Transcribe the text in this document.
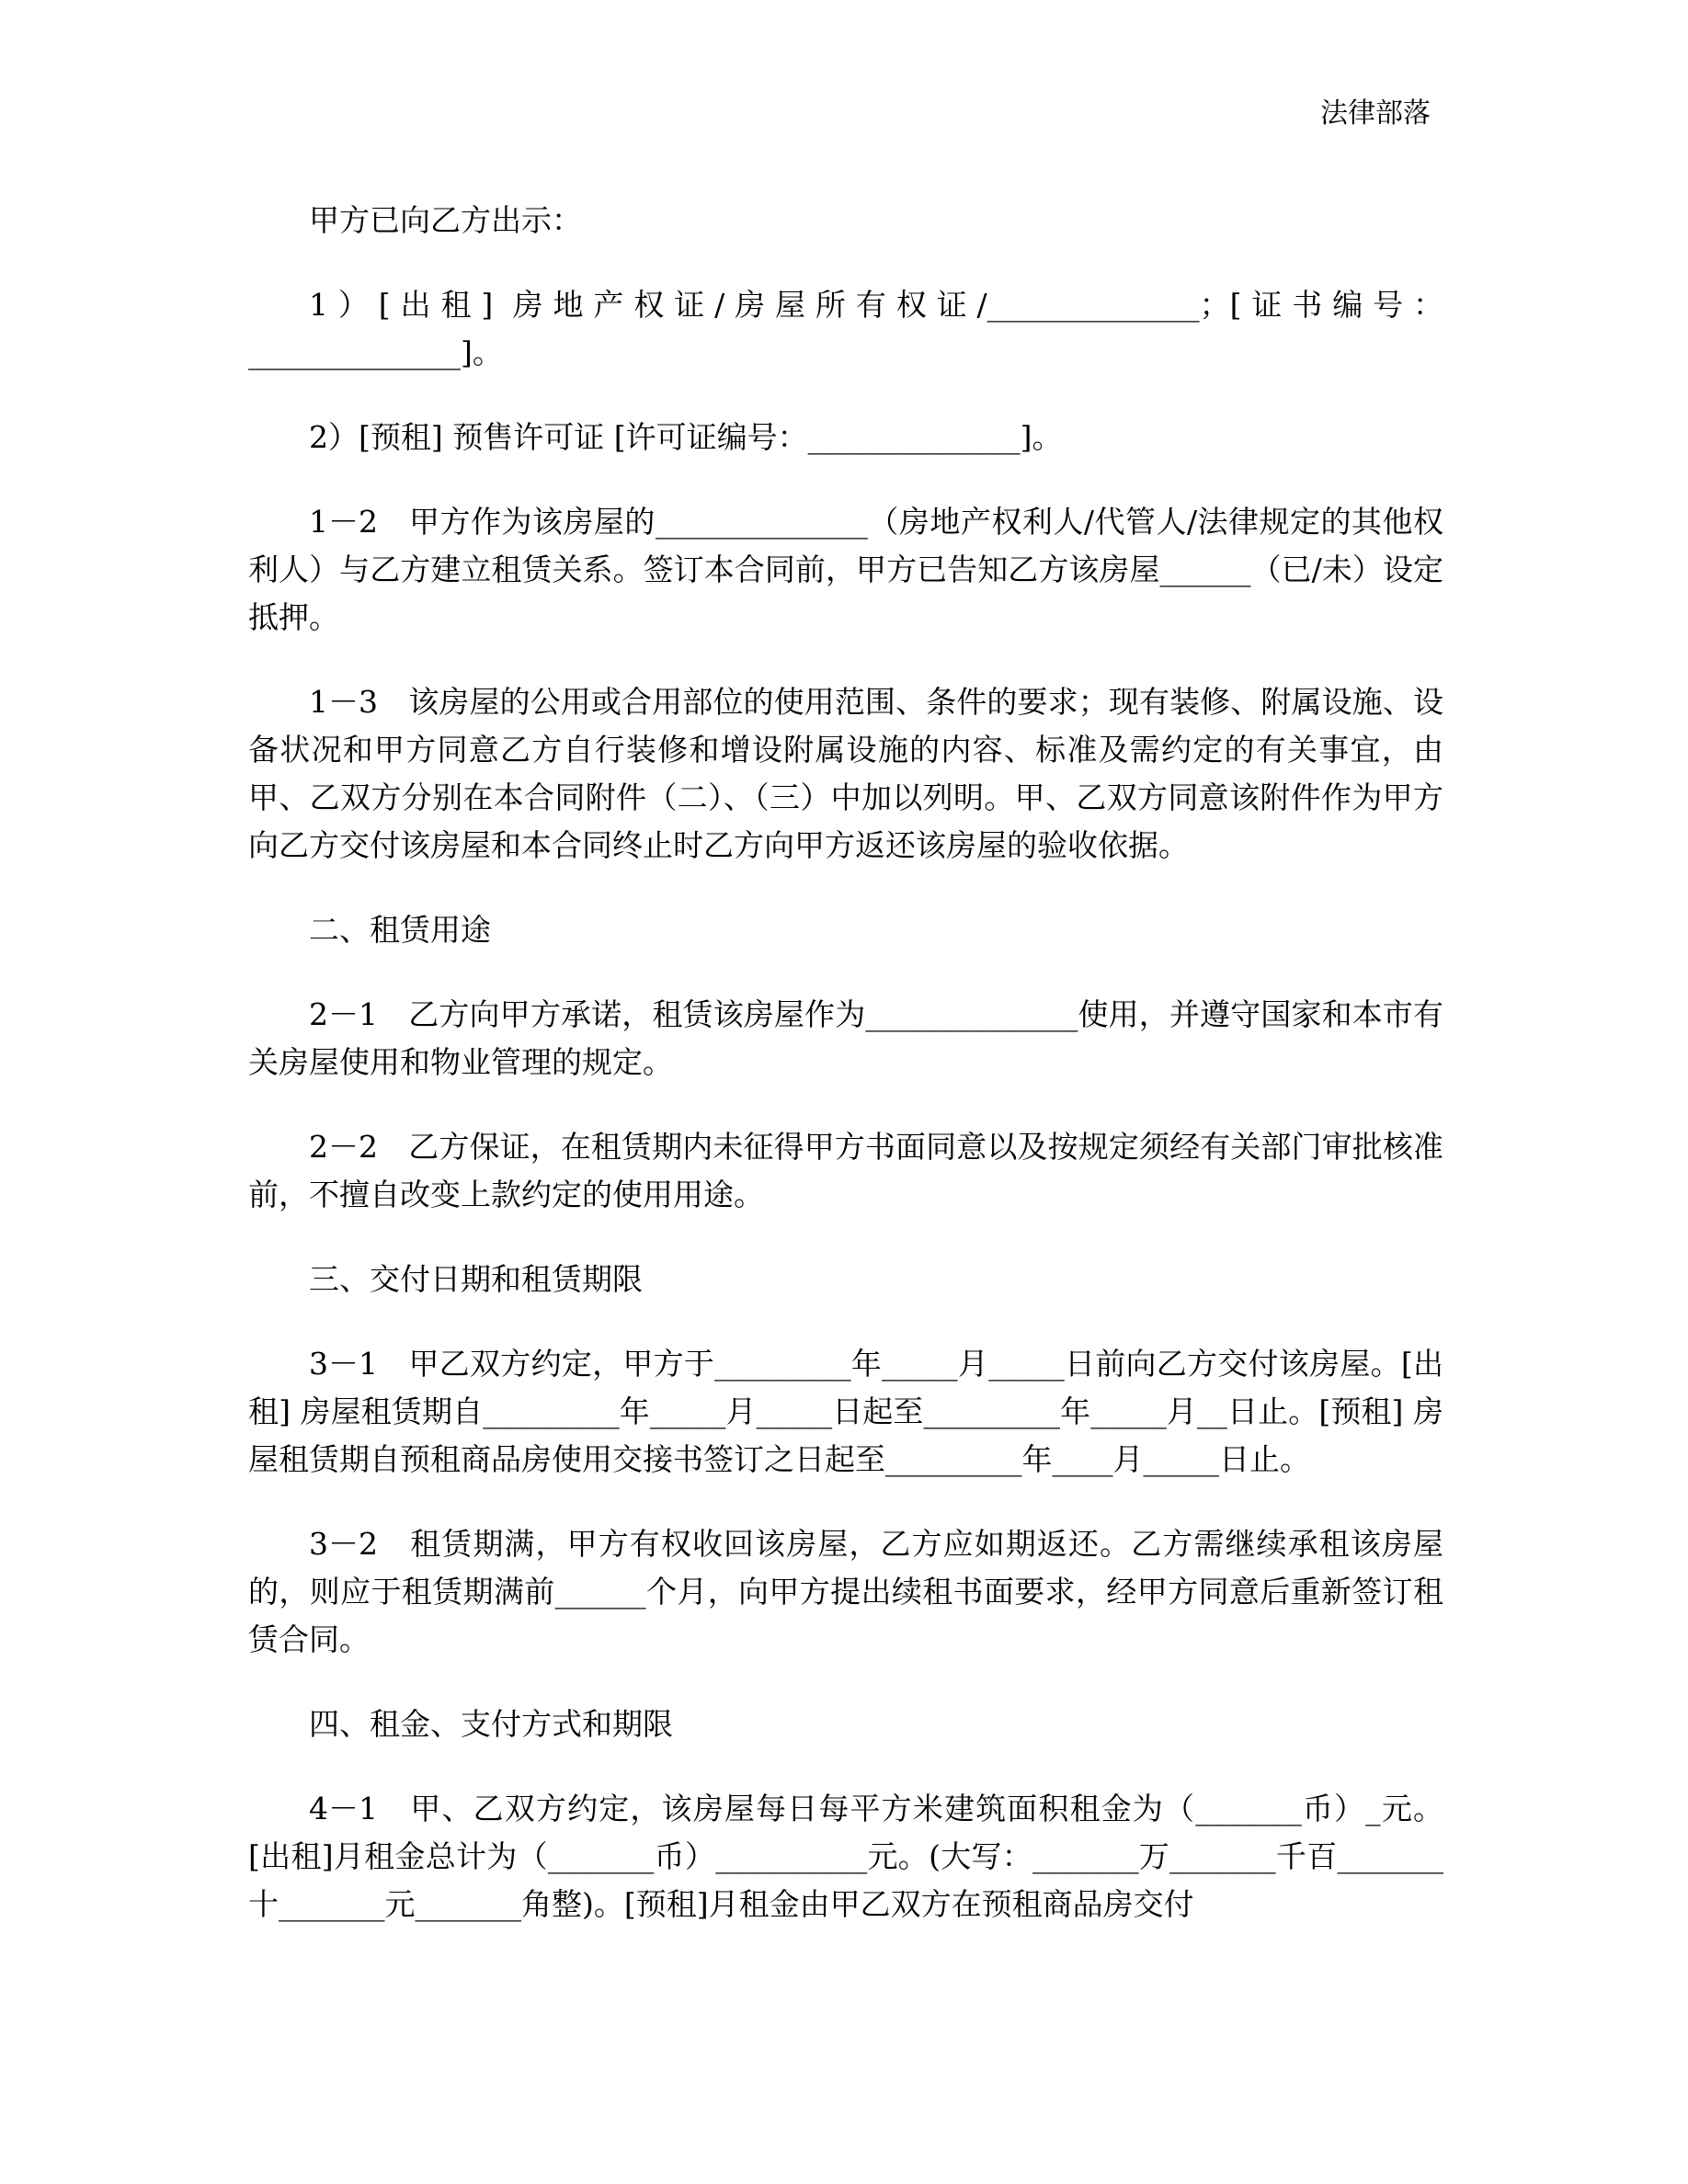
法律部落

甲方已向乙方出示：

1）[出租] 房地产权证/房屋所有权证/______________；[证书编号：______________]。

2）[预租] 预售许可证 [许可证编号：______________]。

1－2　甲方作为该房屋的______________（房地产权利人/代管人/法律规定的其他权利人）与乙方建立租赁关系。签订本合同前，甲方已告知乙方该房屋______（已/未）设定抵押。

1－3　该房屋的公用或合用部位的使用范围、条件的要求；现有装修、附属设施、设备状况和甲方同意乙方自行装修和增设附属设施的内容、标准及需约定的有关事宜，由甲、乙双方分别在本合同附件（二）、（三）中加以列明。甲、乙双方同意该附件作为甲方向乙方交付该房屋和本合同终止时乙方向甲方返还该房屋的验收依据。

二、租赁用途

2－1　乙方向甲方承诺，租赁该房屋作为______________使用，并遵守国家和本市有关房屋使用和物业管理的规定。

2－2　乙方保证，在租赁期内未征得甲方书面同意以及按规定须经有关部门审批核准前，不擅自改变上款约定的使用用途。

三、交付日期和租赁期限

3－1　甲乙双方约定，甲方于_________年_____月_____日前向乙方交付该房屋。[出租] 房屋租赁期自_________年_____月_____日起至_________年_____月__日止。[预租] 房屋租赁期自预租商品房使用交接书签订之日起至_________年____月_____日止。

3－2　租赁期满，甲方有权收回该房屋，乙方应如期返还。乙方需继续承租该房屋的，则应于租赁期满前______个月，向甲方提出续租书面要求，经甲方同意后重新签订租赁合同。

四、租金、支付方式和期限

4－1　甲、乙双方约定，该房屋每日每平方米建筑面积租金为（_______币）_元。[出租]月租金总计为（_______币）__________元。(大写：_______万_______千百_______十_______元_______角整)。[预租]月租金由甲乙双方在预租商品房交付
